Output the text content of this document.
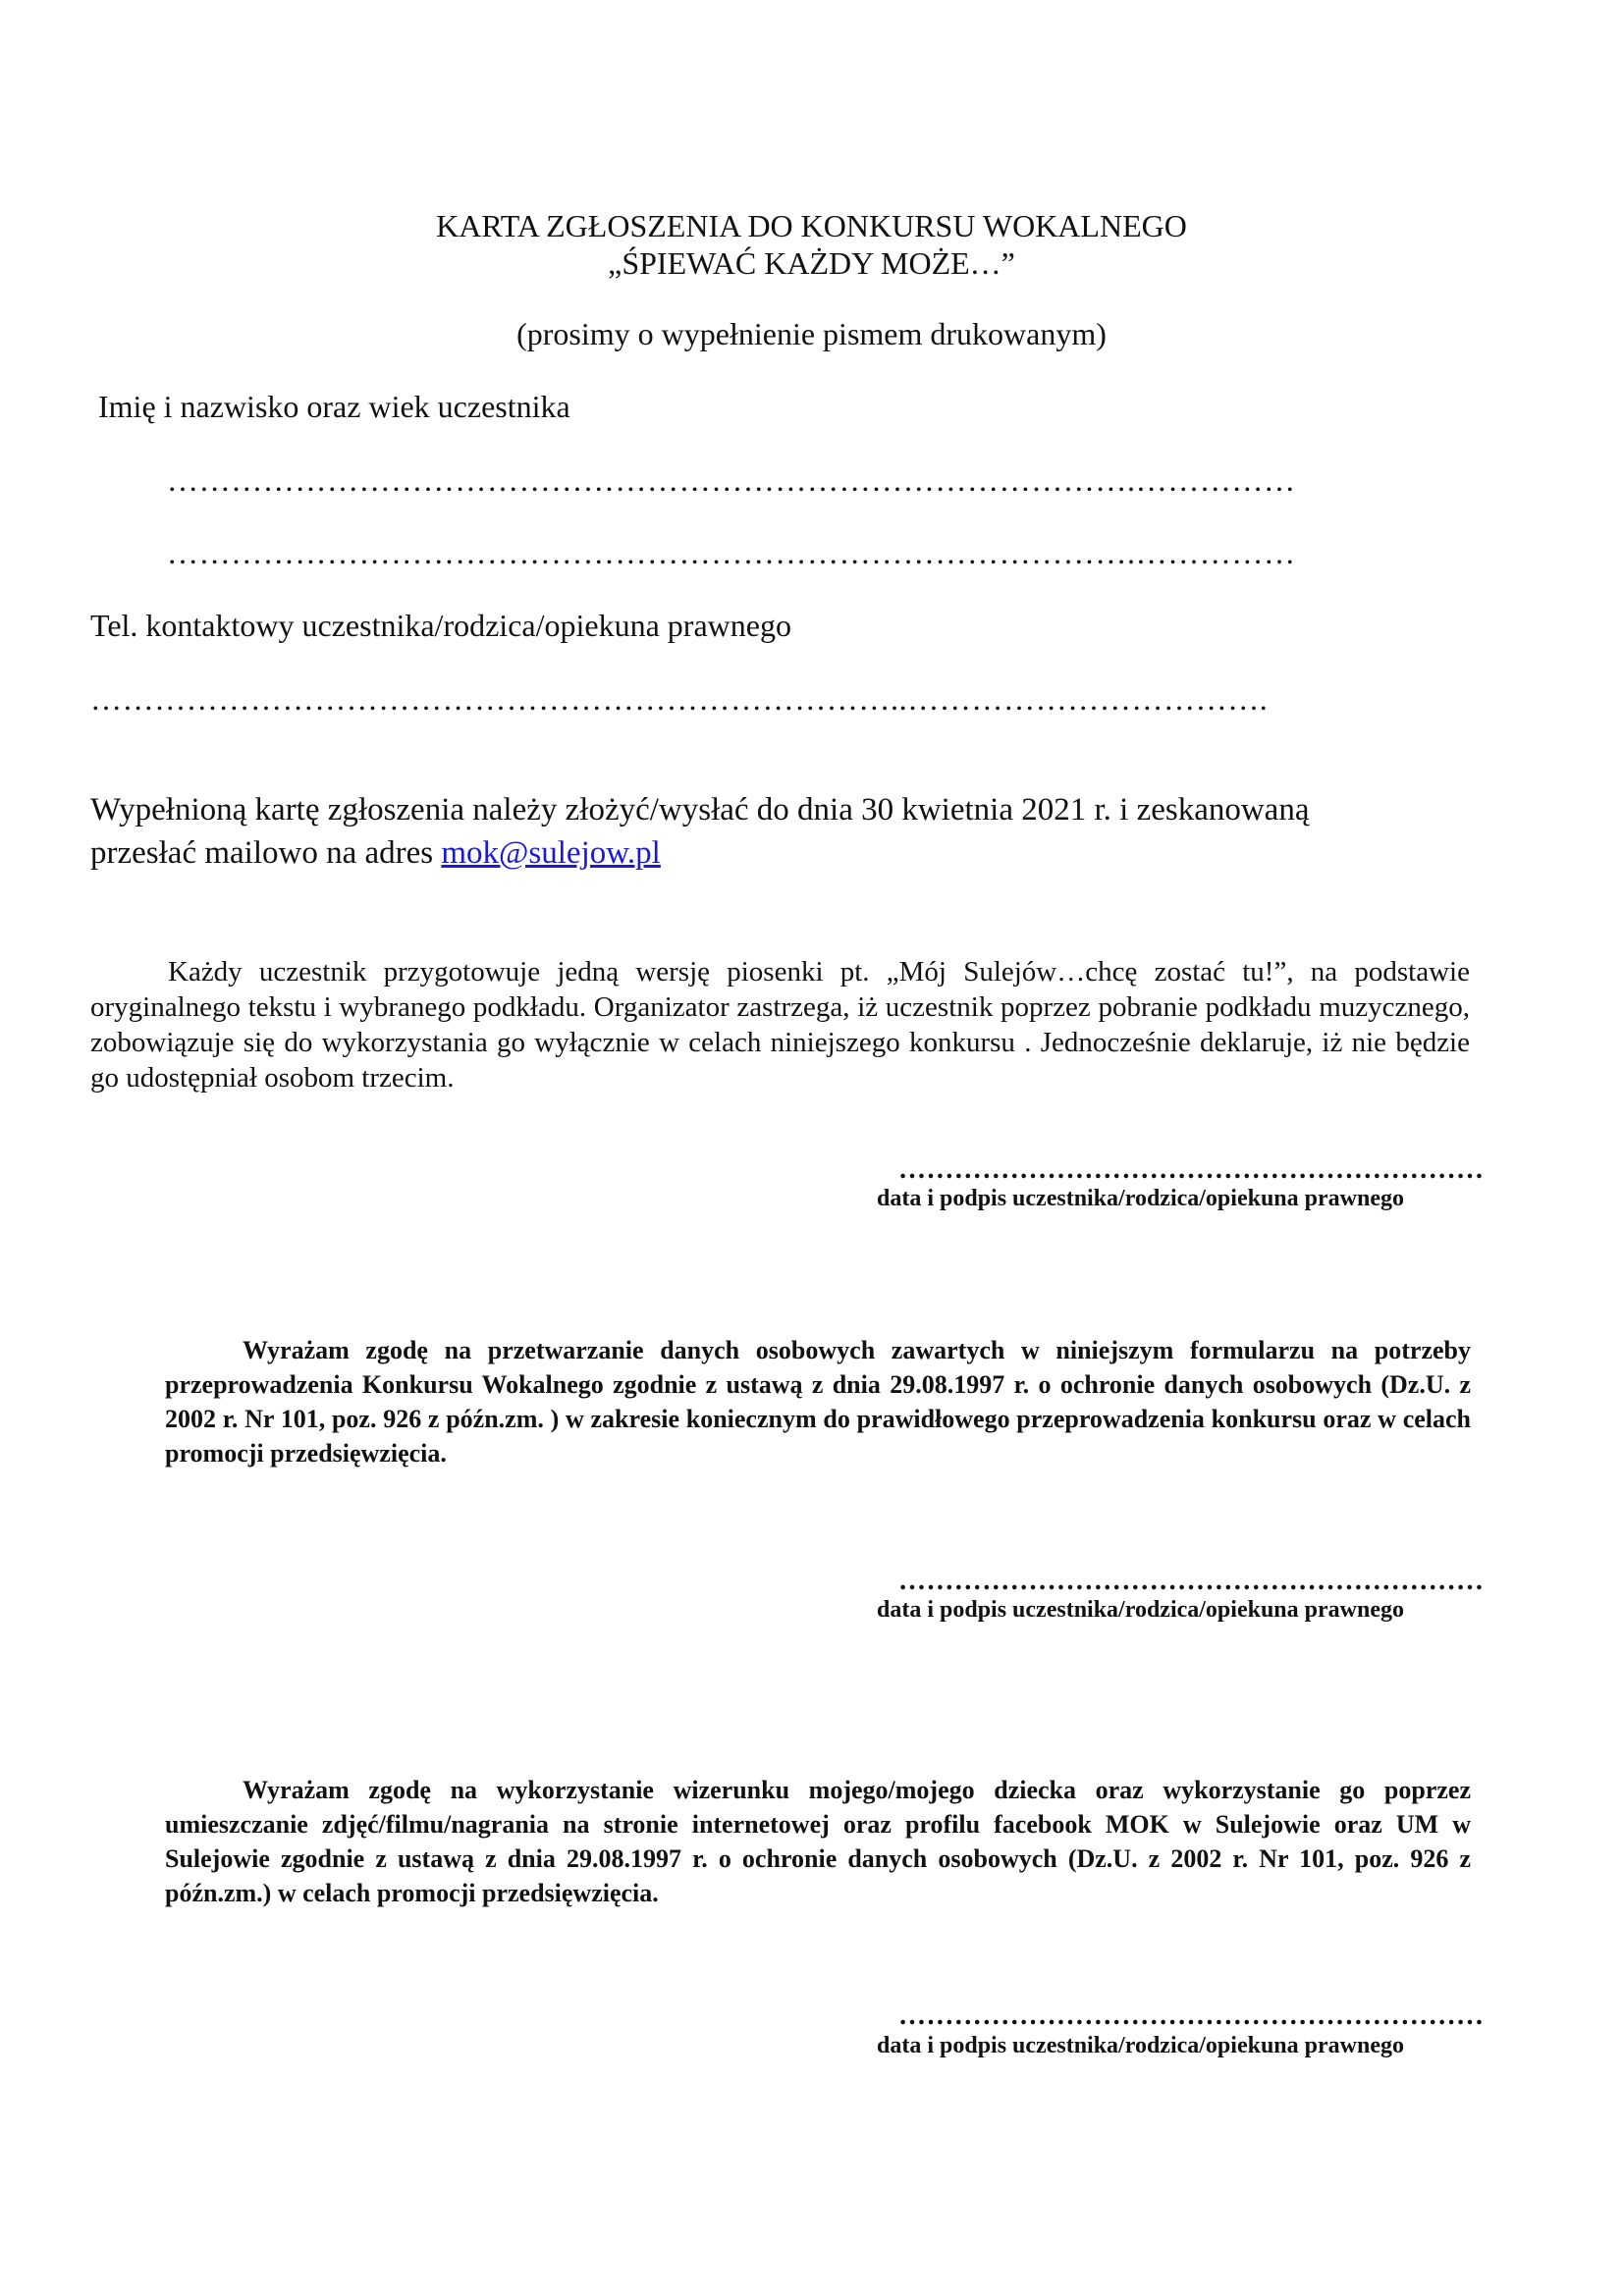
KARTA ZGŁOSZENIA DO KONKURSU WOKALNEGO
„ŚPIEWAĆ KAŻDY MOŻE…”
(prosimy o wypełnienie pismem drukowanym)
Imię i nazwisko oraz wiek uczestnika
……………………………………………………………………………….……………
……………………………………………………………………………….……………
Tel. kontaktowy uczestnika/rodzica/opiekuna prawnego
…………………………………………………………………..…………………………….
Wypełnioną kartę zgłoszenia należy złożyć/wysłać do dnia 30 kwietnia 2021 r. i zeskanowaną
przesłać mailowo na adres mok@sulejow.pl
Każdy uczestnik przygotowuje jedną wersję piosenki pt. „Mój Sulejów…chcę zostać tu!”, na podstawie oryginalnego tekstu i wybranego podkładu. Organizator zastrzega, iż uczestnik poprzez pobranie podkładu muzycznego, zobowiązuje się do wykorzystania go wyłącznie w celach niniejszego konkursu . Jednocześnie deklaruje, iż nie będzie go udostępniał osobom trzecim.
………………………………………………………
data i podpis uczestnika/rodzica/opiekuna prawnego
Wyrażam zgodę na przetwarzanie danych osobowych zawartych w niniejszym formularzu na potrzeby przeprowadzenia Konkursu Wokalnego zgodnie z ustawą z dnia 29.08.1997 r. o ochronie danych osobowych (Dz.U. z 2002 r. Nr 101, poz. 926 z późn.zm. ) w zakresie koniecznym do prawidłowego przeprowadzenia konkursu oraz w celach promocji przedsięwzięcia.
………………………………………………………
data i podpis uczestnika/rodzica/opiekuna prawnego
Wyrażam zgodę na wykorzystanie wizerunku mojego/mojego dziecka oraz wykorzystanie go poprzez umieszczanie zdjęć/filmu/nagrania na stronie internetowej oraz profilu facebook MOK w Sulejowie oraz UM w Sulejowie zgodnie z ustawą z dnia 29.08.1997 r. o ochronie danych osobowych (Dz.U. z 2002 r. Nr 101, poz. 926 z późn.zm.) w celach promocji przedsięwzięcia.
………………………………………………………
data i podpis uczestnika/rodzica/opiekuna prawnego
